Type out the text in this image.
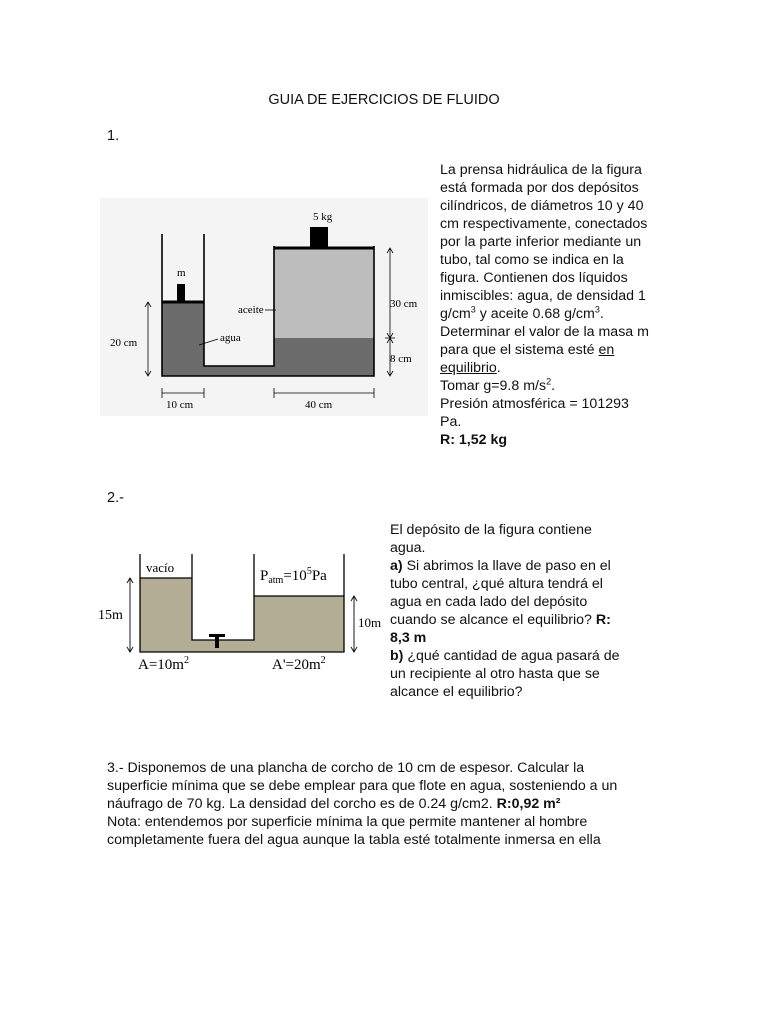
GUIA DE EJERCICIOS DE FLUIDO
1.
5 kg
m
aceite
agua
20 cm
30 cm
8 cm
10 cm	40 cm

La prensa hidráulica de la figura

está formada por dos depósitos

cilíndricos, de diámetros 10 y 40

cm respectivamente, conectados

por la parte inferior mediante un

tubo, tal como se indica en la

figura. Contienen dos líquidos

inmiscibles: agua, de densidad 1

$g/cm^3$ y aceite 0.68 $g/cm^3$.

Determinar el valor de la masa m

para que el sistema esté en

equilibrio.

Tomar g=9.8 $m/s^2$.

Presión atmosférica = 101293

Pa.

R: 1,52 kg

2.-
vacío
$P_{atm}=10^5Pa$
15m	10m
$A=10m^2$	$A'=20m^2$

El depósito de la figura contiene

agua.

a) Si abrimos la llave de paso en el

tubo central, ¿qué altura tendrá el

agua en cada lado del depósito

cuando se alcance el equilibrio? R:

8,3 m

b) ¿qué cantidad de agua pasará de

un recipiente al otro hasta que se

alcance el equilibrio?

3.- Disponemos de una plancha de corcho de 10 cm de espesor. Calcular la

superficie mínima que se debe emplear para que flote en agua, sosteniendo a un

náufrago de 70 kg. La densidad del corcho es de 0.24 g/cm2. R:0,92 m²

Nota: entendemos por superficie mínima la que permite mantener al hombre

completamente fuera del agua aunque la tabla esté totalmente inmersa en ella
